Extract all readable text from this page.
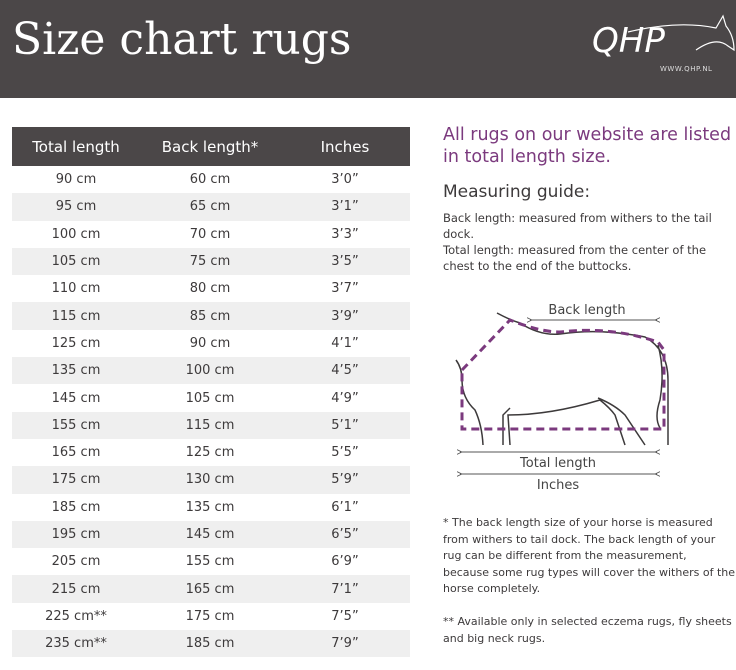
Size chart rugs	QHP
WWW.QHP.NL
Total length	Back length*	Inches
90 cm	60 cm	3’0”
95 cm	65 cm	3’1”
100 cm	70 cm	3’3”
105 cm	75 cm	3’5”
110 cm	80 cm	3’7”
115 cm	85 cm	3’9”
125 cm	90 cm	4’1”
135 cm	100 cm	4’5”
145 cm	105 cm	4’9”
155 cm	115 cm	5’1”
165 cm	125 cm	5’5”
175 cm	130 cm	5’9”
185 cm	135 cm	6’1”
195 cm	145 cm	6’5”
205 cm	155 cm	6’9”
215 cm	165 cm	7’1”
225 cm**	175 cm	7’5”
235 cm**	185 cm	7’9”
All rugs on our website are listed in total length size.
Measuring guide:
Back length: measured from withers to the tail dock.
Total length: measured from the center of the chest to the end of the buttocks.
Back length
Total length
Inches
* The back length size of your horse is measured from withers to tail dock. The back length of your rug can be different from the measurement, because some rug types will cover the withers of the horse completely.
** Available only in selected eczema rugs, fly sheets and big neck rugs.
